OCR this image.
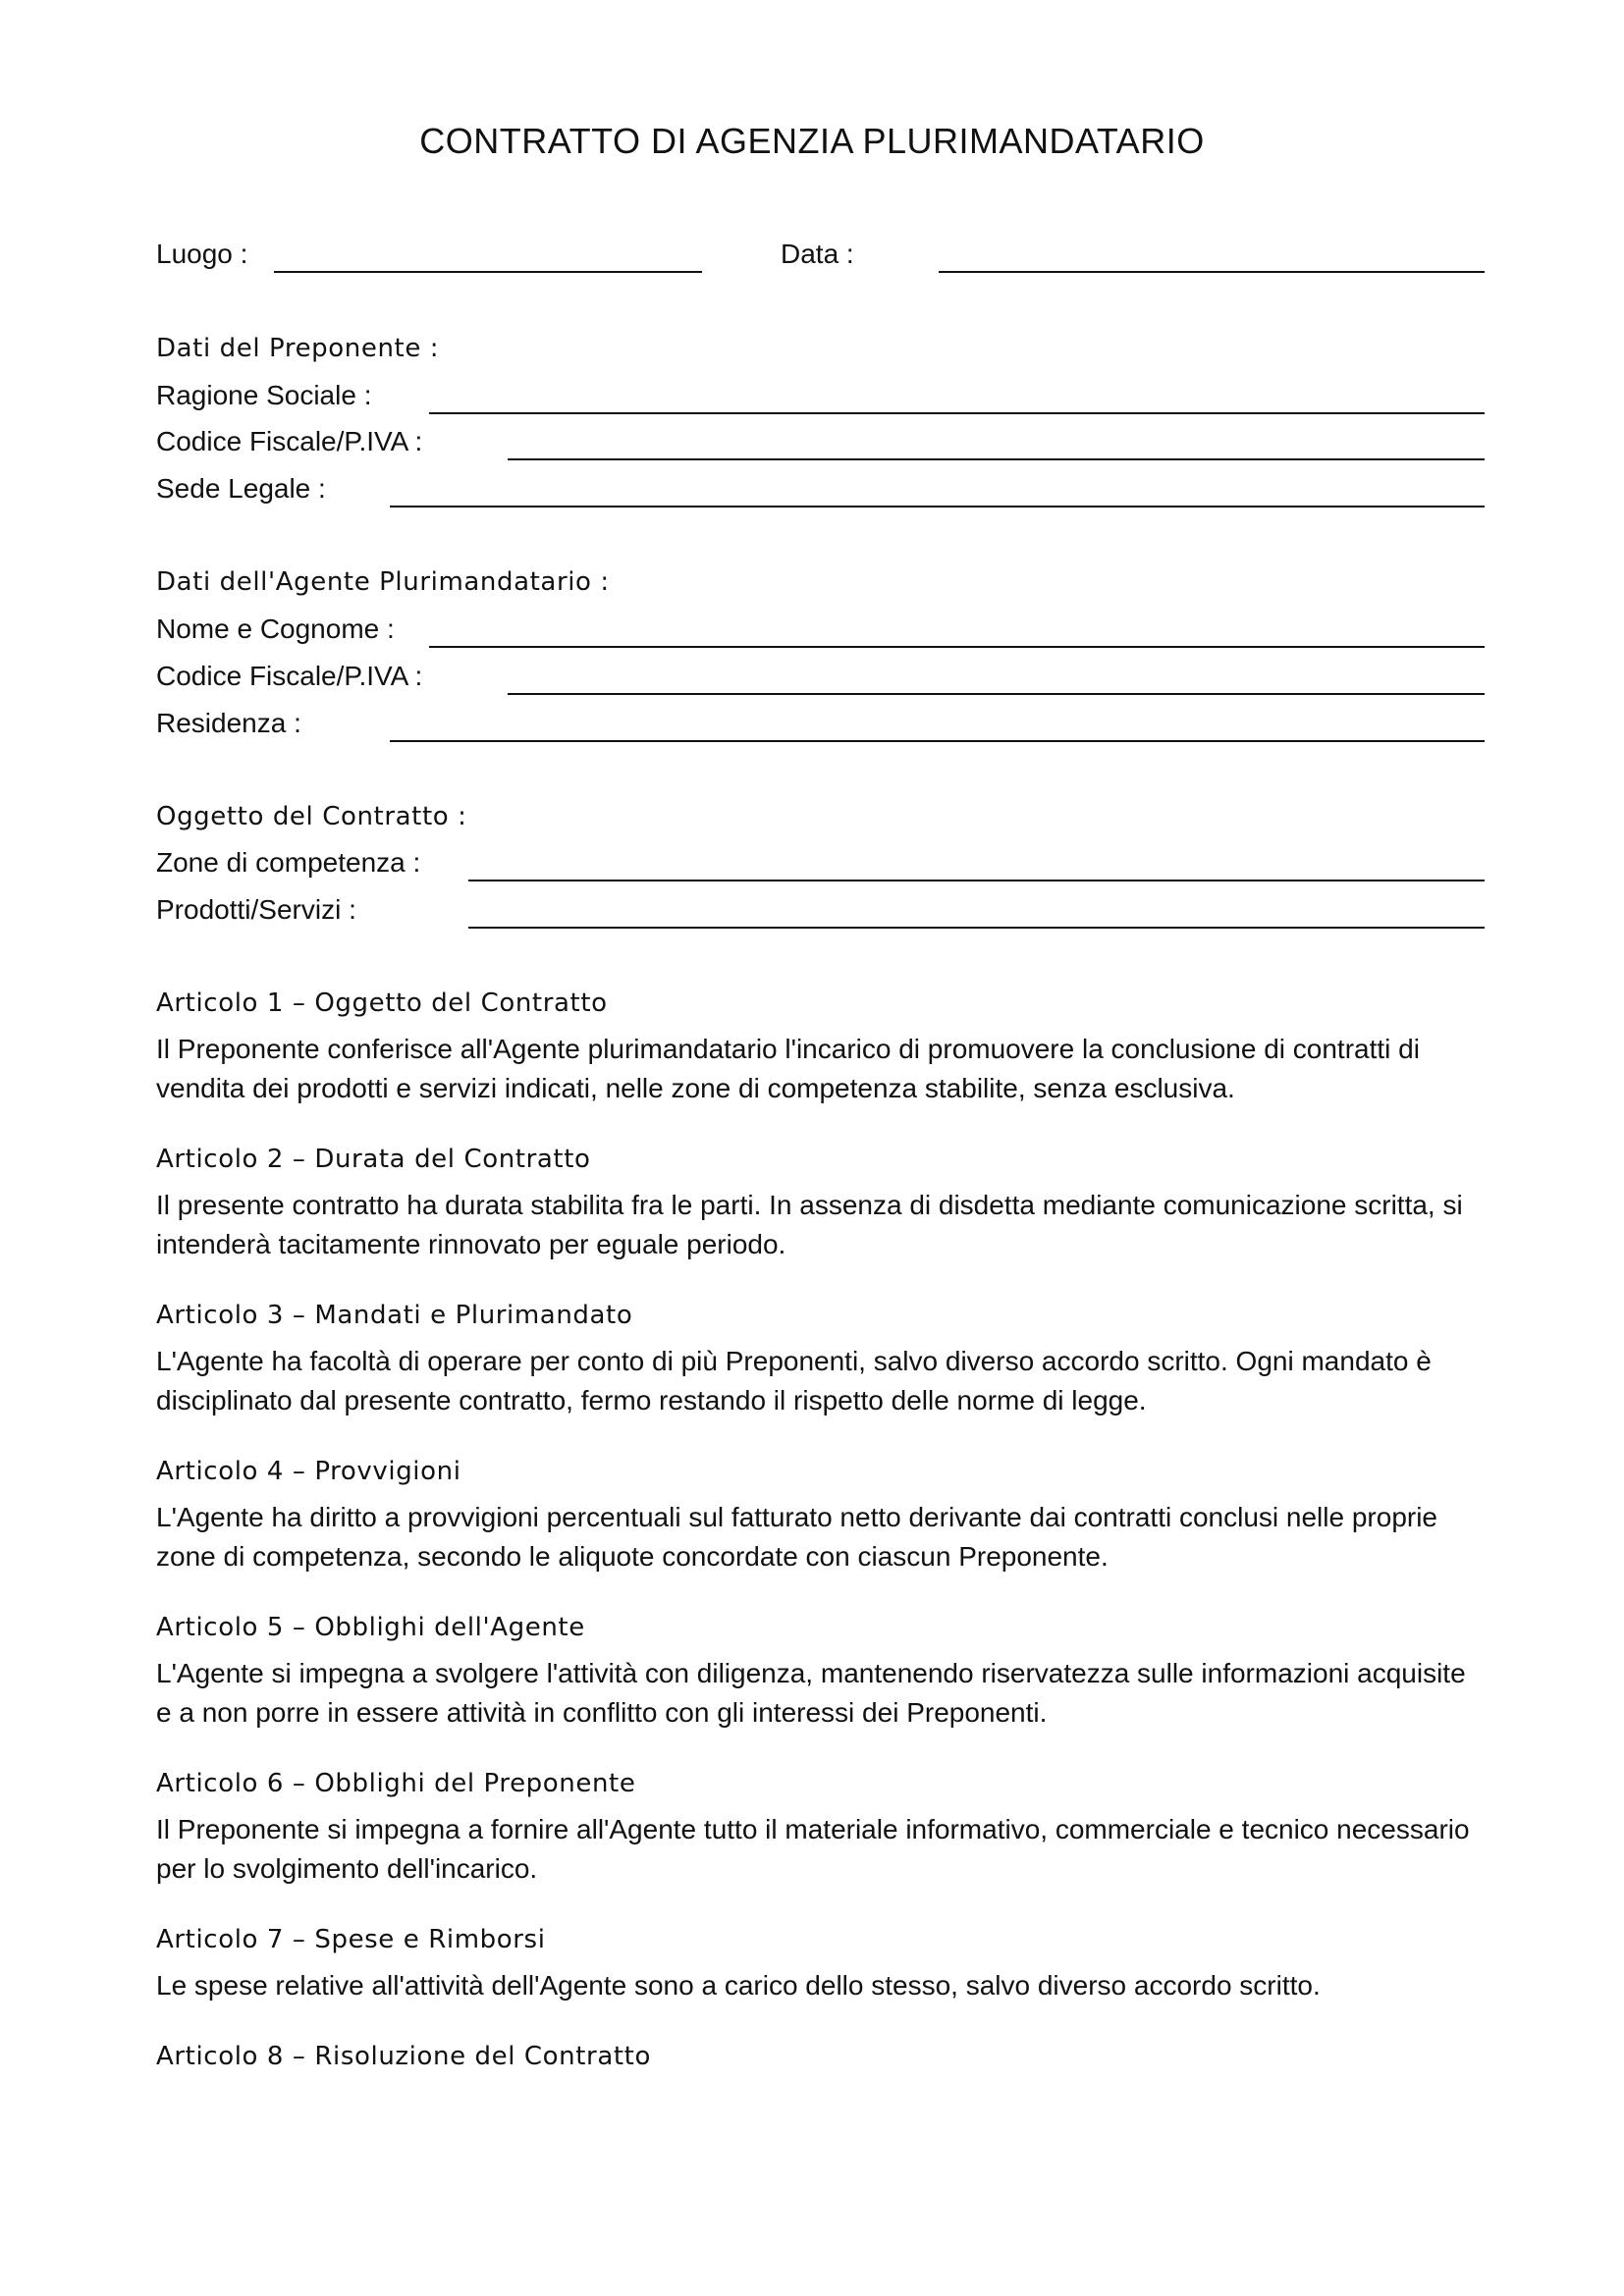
CONTRATTO DI AGENZIA PLURIMANDATARIO
Luogo :	Data :
Dati del Preponente :
Ragione Sociale :
Codice Fiscale/P.IVA :
Sede Legale :
Dati dell'Agente Plurimandatario :
Nome e Cognome :
Codice Fiscale/P.IVA :
Residenza :
Oggetto del Contratto :
Zone di competenza :
Prodotti/Servizi :
Articolo 1 – Oggetto del Contratto
Il Preponente conferisce all'Agente plurimandatario l'incarico di promuovere la conclusione di contratti di vendita dei prodotti e servizi indicati, nelle zone di competenza stabilite, senza esclusiva.
Articolo 2 – Durata del Contratto
Il presente contratto ha durata stabilita fra le parti. In assenza di disdetta mediante comunicazione scritta, si intenderà tacitamente rinnovato per eguale periodo.
Articolo 3 – Mandati e Plurimandato
L'Agente ha facoltà di operare per conto di più Preponenti, salvo diverso accordo scritto. Ogni mandato è disciplinato dal presente contratto, fermo restando il rispetto delle norme di legge.
Articolo 4 – Provvigioni
L'Agente ha diritto a provvigioni percentuali sul fatturato netto derivante dai contratti conclusi nelle proprie zone di competenza, secondo le aliquote concordate con ciascun Preponente.
Articolo 5 – Obblighi dell'Agente
L'Agente si impegna a svolgere l'attività con diligenza, mantenendo riservatezza sulle informazioni acquisite e a non porre in essere attività in conflitto con gli interessi dei Preponenti.
Articolo 6 – Obblighi del Preponente
Il Preponente si impegna a fornire all'Agente tutto il materiale informativo, commerciale e tecnico necessario per lo svolgimento dell'incarico.
Articolo 7 – Spese e Rimborsi
Le spese relative all'attività dell'Agente sono a carico dello stesso, salvo diverso accordo scritto.
Articolo 8 – Risoluzione del Contratto
